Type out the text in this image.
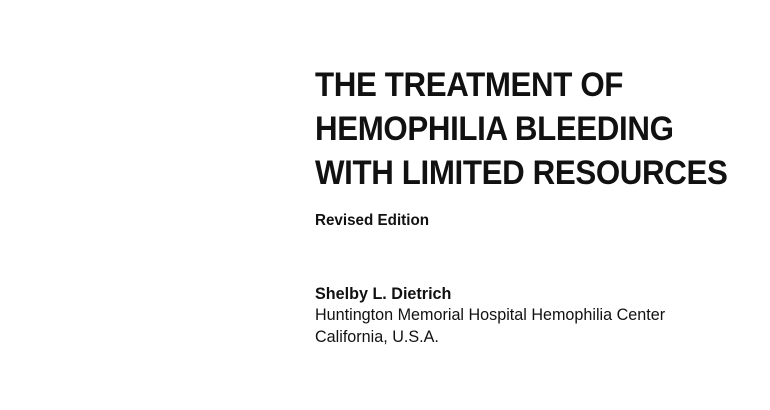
THE TREATMENT OF
HEMOPHILIA BLEEDING
WITH LIMITED RESOURCES
Revised Edition
Shelby L. Dietrich
Huntington Memorial Hospital Hemophilia Center
California, U.S.A.
